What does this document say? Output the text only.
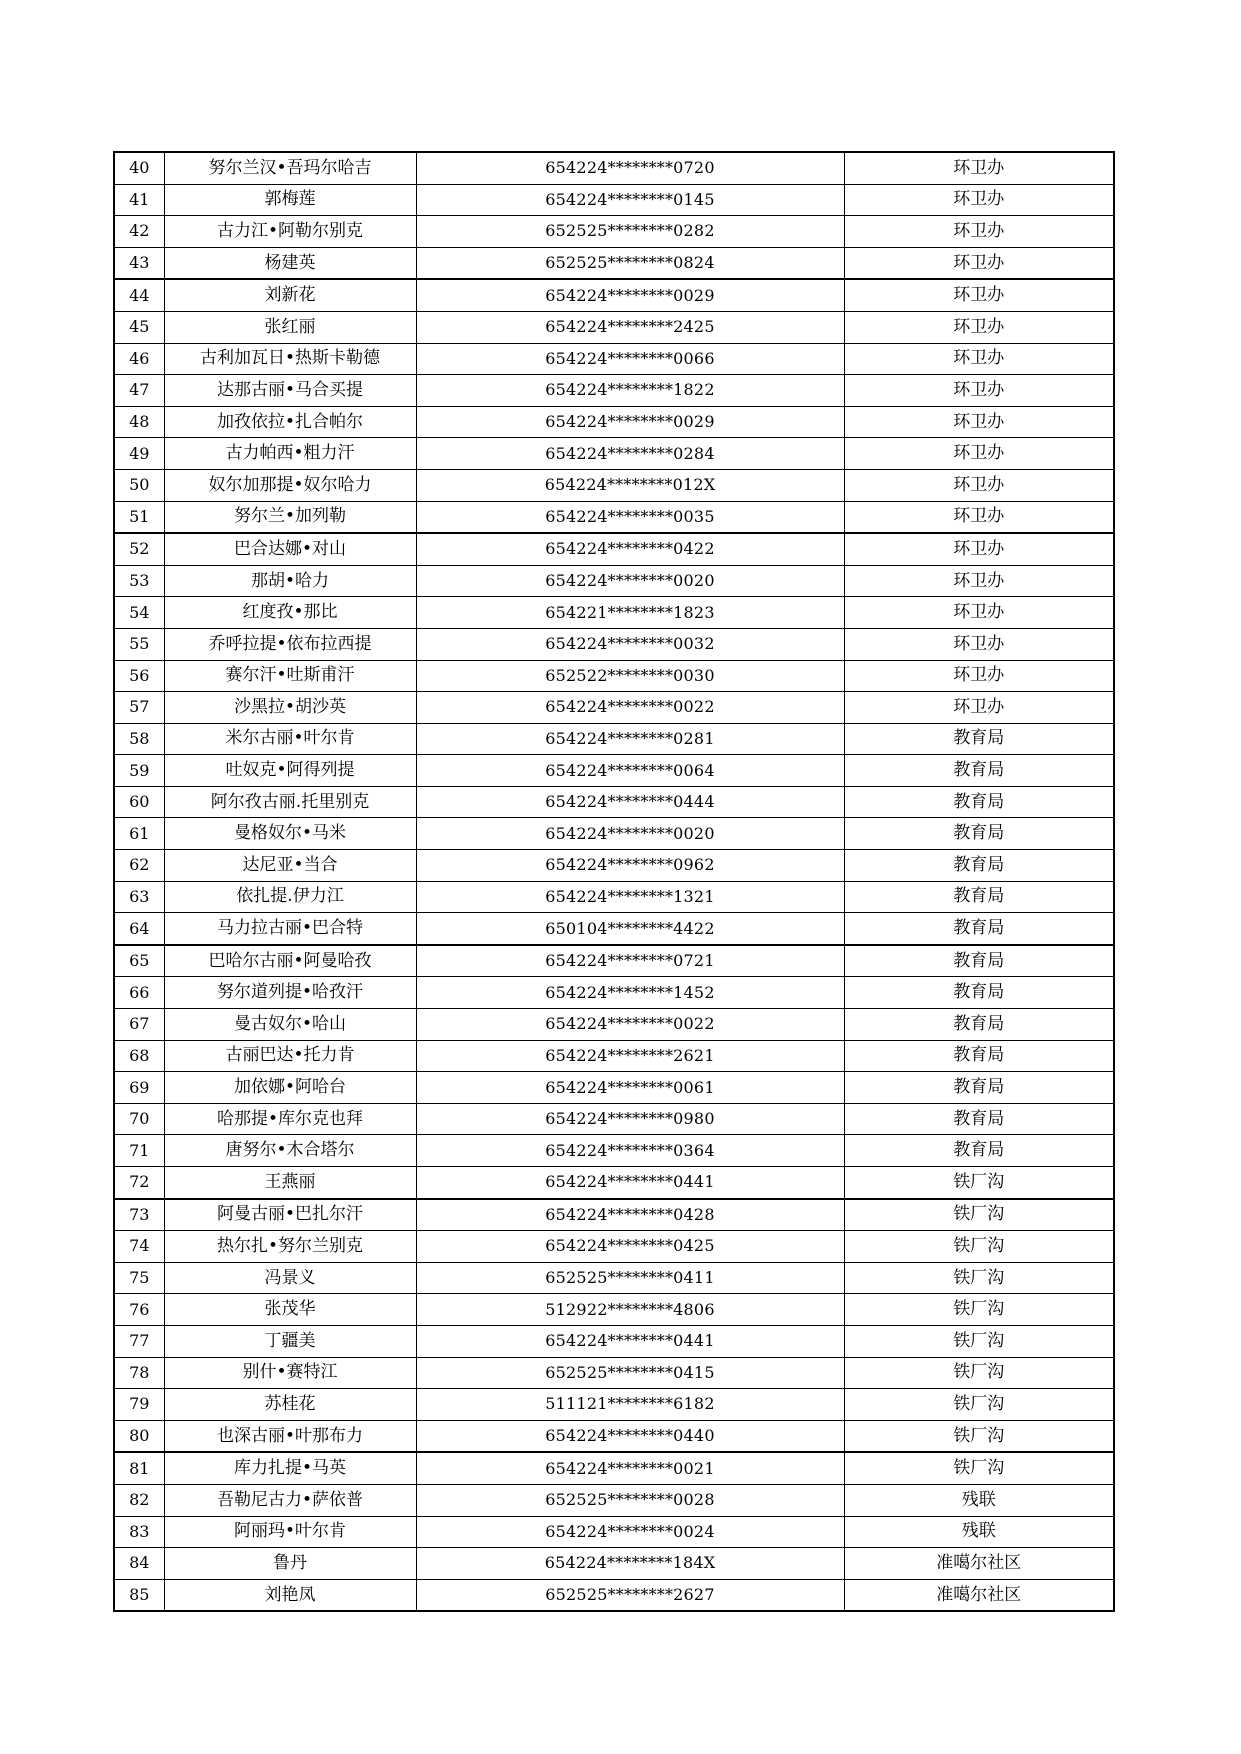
40	努尔兰汉•吾玛尔哈吉	654224********0720	环卫办
41	郭梅莲	654224********0145	环卫办
42	古力江•阿勒尔别克	652525********0282	环卫办
43	杨建英	652525********0824	环卫办
44	刘新花	654224********0029	环卫办
45	张红丽	654224********2425	环卫办
46	古利加瓦日•热斯卡勒德	654224********0066	环卫办
47	达那古丽•马合买提	654224********1822	环卫办
48	加孜依拉•扎合帕尔	654224********0029	环卫办
49	古力帕西•粗力汗	654224********0284	环卫办
50	奴尔加那提•奴尔哈力	654224********012X	环卫办
51	努尔兰•加列勒	654224********0035	环卫办
52	巴合达娜•对山	654224********0422	环卫办
53	那胡•哈力	654224********0020	环卫办
54	红度孜•那比	654221********1823	环卫办
55	乔呼拉提•依布拉西提	654224********0032	环卫办
56	赛尔汗•吐斯甫汗	652522********0030	环卫办
57	沙黑拉•胡沙英	654224********0022	环卫办
58	米尔古丽•叶尔肯	654224********0281	教育局
59	吐奴克•阿得列提	654224********0064	教育局
60	阿尔孜古丽.托里别克	654224********0444	教育局
61	曼格奴尔•马米	654224********0020	教育局
62	达尼亚•当合	654224********0962	教育局
63	依扎提.伊力江	654224********1321	教育局
64	马力拉古丽•巴合特	650104********4422	教育局
65	巴哈尔古丽•阿曼哈孜	654224********0721	教育局
66	努尔道列提•哈孜汗	654224********1452	教育局
67	曼古奴尔•哈山	654224********0022	教育局
68	古丽巴达•托力肯	654224********2621	教育局
69	加依娜•阿哈台	654224********0061	教育局
70	哈那提•库尔克也拜	654224********0980	教育局
71	唐努尔•木合塔尔	654224********0364	教育局
72	王燕丽	654224********0441	铁厂沟
73	阿曼古丽•巴扎尔汗	654224********0428	铁厂沟
74	热尔扎•努尔兰别克	654224********0425	铁厂沟
75	冯景义	652525********0411	铁厂沟
76	张茂华	512922********4806	铁厂沟
77	丁疆美	654224********0441	铁厂沟
78	别什•赛特江	652525********0415	铁厂沟
79	苏桂花	511121********6182	铁厂沟
80	也深古丽•叶那布力	654224********0440	铁厂沟
81	库力扎提•马英	654224********0021	铁厂沟
82	吾勒尼古力•萨依普	652525********0028	残联
83	阿丽玛•叶尔肯	654224********0024	残联
84	鲁丹	654224********184X	准噶尔社区
85	刘艳凤	652525********2627	准噶尔社区
